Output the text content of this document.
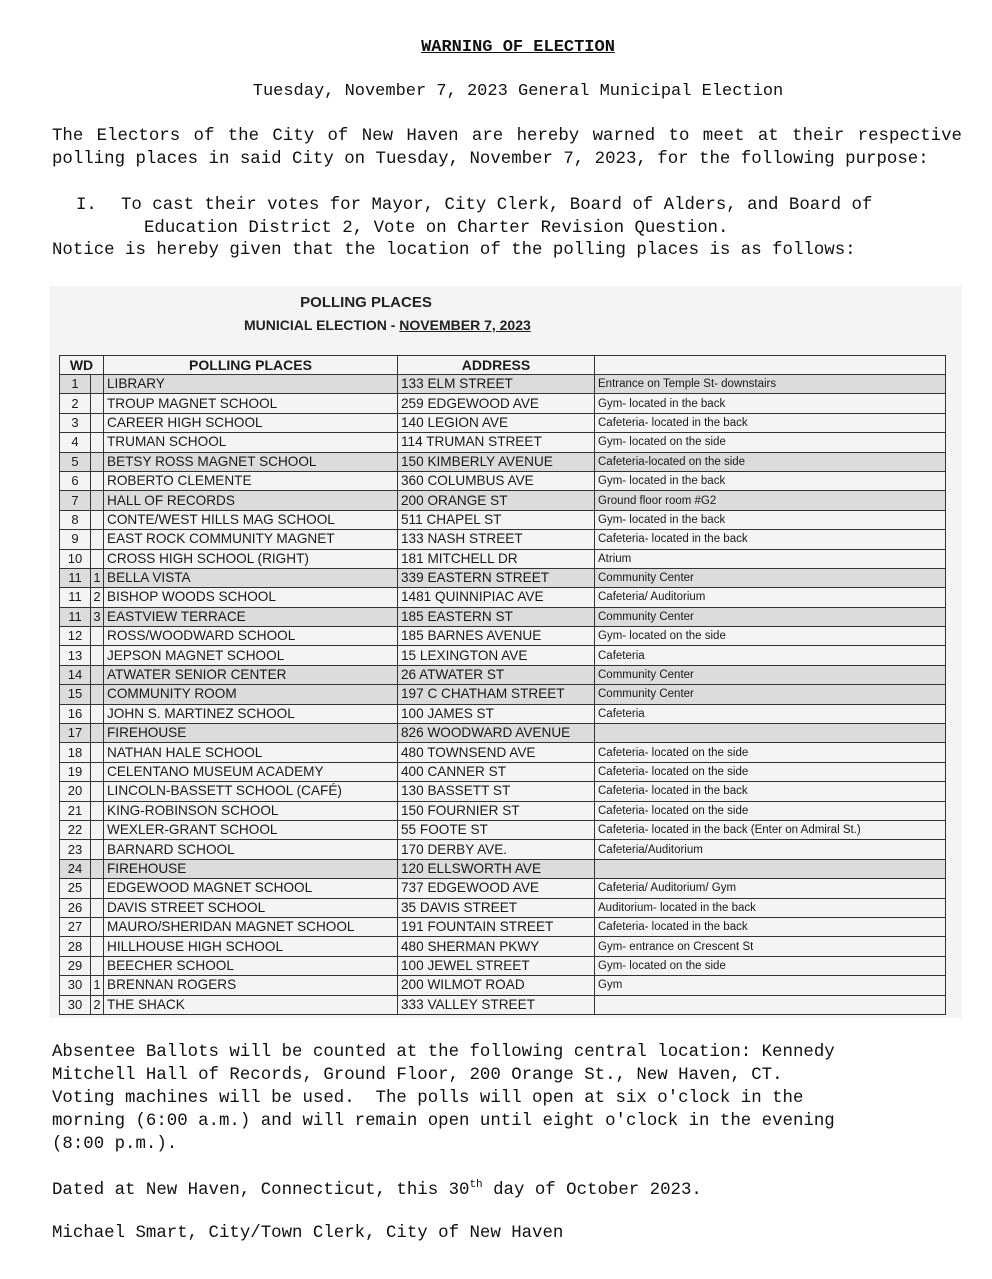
WARNING OF ELECTION
Tuesday, November 7, 2023 General Municipal Election
The Electors of the City of New Haven are hereby warned to meet at their respective polling places in said City on Tuesday, November 7, 2023, for the following purpose:
I.	To cast their votes for Mayor, City Clerk, Board of Alders, and Board of
Education District 2, Vote on Charter Revision Question.
Notice is hereby given that the location of the polling places is as follows:
POLLING PLACES
MUNICIAL ELECTION - NOVEMBER 7, 2023
WD		POLLING PLACES	ADDRESS	
1		LIBRARY	133 ELM STREET	Entrance on Temple St- downstairs
2		TROUP MAGNET SCHOOL	259 EDGEWOOD AVE	Gym- located in the back
3		CAREER HIGH SCHOOL	140 LEGION AVE	Cafeteria- located in the back
4		TRUMAN SCHOOL	114 TRUMAN STREET	Gym- located on the side
5		BETSY ROSS MAGNET SCHOOL	150 KIMBERLY AVENUE	Cafeteria-located on the side
6		ROBERTO CLEMENTE	360 COLUMBUS AVE	Gym- located in the back
7		HALL OF RECORDS	200 ORANGE ST	Ground floor room #G2
8		CONTE/WEST HILLS MAG SCHOOL	511 CHAPEL ST	Gym- located in the back
9		EAST ROCK COMMUNITY MAGNET	133 NASH STREET	Cafeteria- located in the back
10		CROSS HIGH SCHOOL (RIGHT)	181 MITCHELL DR	Atrium
11	1	BELLA VISTA	339 EASTERN STREET	Community Center
11	2	BISHOP WOODS SCHOOL	1481 QUINNIPIAC AVE	Cafeteria/ Auditorium
11	3	EASTVIEW TERRACE	185 EASTERN ST	Community Center
12		ROSS/WOODWARD SCHOOL	185 BARNES AVENUE	Gym- located on the side
13		JEPSON MAGNET SCHOOL	15 LEXINGTON AVE	Cafeteria
14		ATWATER SENIOR CENTER	26 ATWATER ST	Community Center
15		COMMUNITY ROOM	197 C CHATHAM STREET	Community Center
16		JOHN S. MARTINEZ SCHOOL	100 JAMES ST	Cafeteria
17		FIREHOUSE	826 WOODWARD AVENUE	
18		NATHAN HALE SCHOOL	480 TOWNSEND AVE	Cafeteria- located on the side
19		CELENTANO MUSEUM ACADEMY	400 CANNER ST	Cafeteria- located on the side
20		LINCOLN-BASSETT SCHOOL (CAFÉ)	130 BASSETT ST	Cafeteria- located in the back
21		KING-ROBINSON SCHOOL	150 FOURNIER ST	Cafeteria- located on the side
22		WEXLER-GRANT SCHOOL	55 FOOTE ST	Cafeteria- located in the back (Enter on Admiral St.)
23		BARNARD SCHOOL	170 DERBY AVE.	Cafeteria/Auditorium
24		FIREHOUSE	120 ELLSWORTH AVE	
25		EDGEWOOD MAGNET SCHOOL	737 EDGEWOOD AVE	Cafeteria/ Auditorium/ Gym
26		DAVIS STREET SCHOOL	35 DAVIS STREET	Auditorium- located in the back
27		MAURO/SHERIDAN MAGNET SCHOOL	191 FOUNTAIN STREET	Cafeteria- located in the back
28		HILLHOUSE HIGH SCHOOL	480 SHERMAN PKWY	Gym- entrance on Crescent St
29		BEECHER SCHOOL	100 JEWEL STREET	Gym- located on the side
30	1	BRENNAN ROGERS	200 WILMOT ROAD	Gym
30	2	THE SHACK	333 VALLEY STREET	
Absentee Ballots will be counted at the following central location: Kennedy
Mitchell Hall of Records, Ground Floor, 200 Orange St., New Haven, CT.
Voting machines will be used.  The polls will open at six o'clock in the
morning (6:00 a.m.) and will remain open until eight o'clock in the evening
(8:00 p.m.).
Dated at New Haven, Connecticut, this 30th day of October 2023.
Michael Smart, City/Town Clerk, City of New Haven
